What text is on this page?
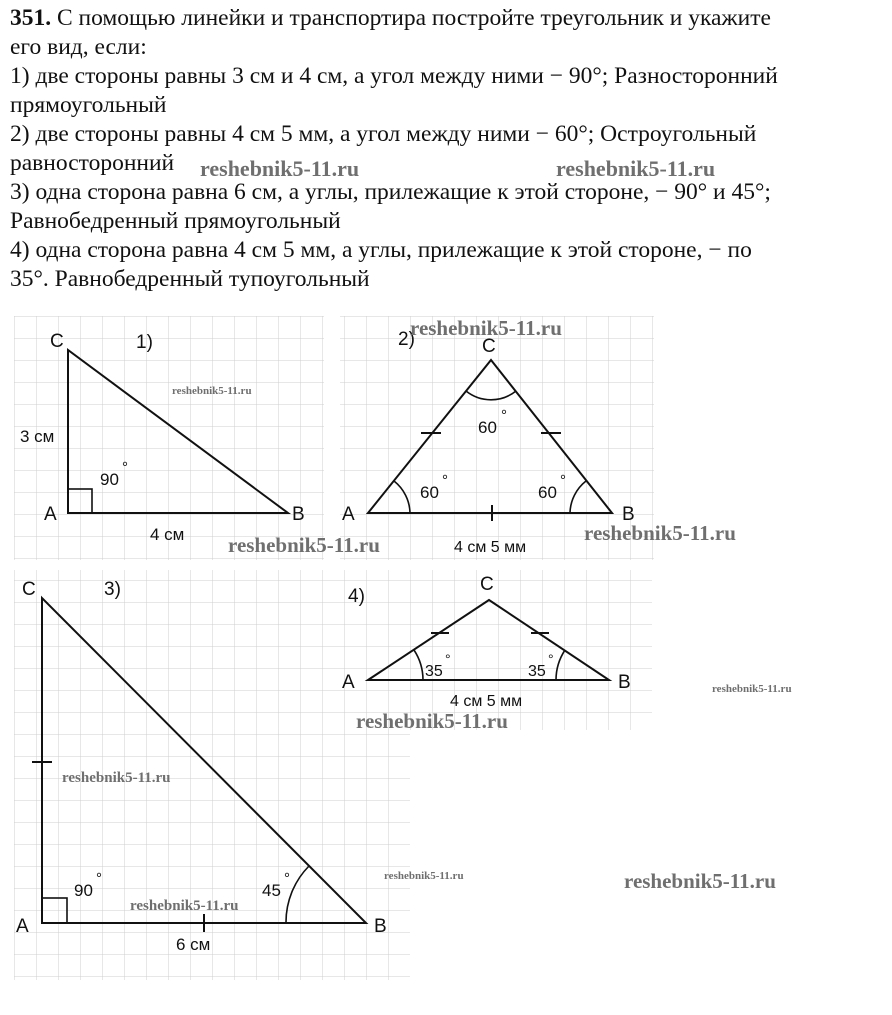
351. С помощью линейки и транспортира постройте треугольник и укажите
его вид, если:
1) две стороны равны 3 см и 4 см, а угол между ними − 90°; Разносторонний
прямоугольный
2) две стороны равны 4 см 5 мм, а угол между ними − 60°; Остроугольный
равносторонний
3) одна сторона равна 6 см, а углы, прилежащие к этой стороне, − 90° и 45°;
Равнобедренный прямоугольный
4) одна сторона равна 4 см 5 мм, а углы, прилежащие к этой стороне, − по
35°. Равнобедренный тупоугольный
reshebnik5-11.ru	reshebnik5-11.ru
1)
C
A	B
3 см
4 см
90
°
reshebnik5-11.ru
2)	C
A	B
60
°
60
°
60
°
4 см 5 мм
reshebnik5-11.ru
reshebnik5-11.ru	reshebnik5-11.ru
3)
C
A	B
90
°
45
°
6 см
reshebnik5-11.ru
reshebnik5-11.ru
4)
C
A	B
35
°
35
°
4 см 5 мм
reshebnik5-11.ru
reshebnik5-11.ru
reshebnik5-11.ru	reshebnik5-11.ru
